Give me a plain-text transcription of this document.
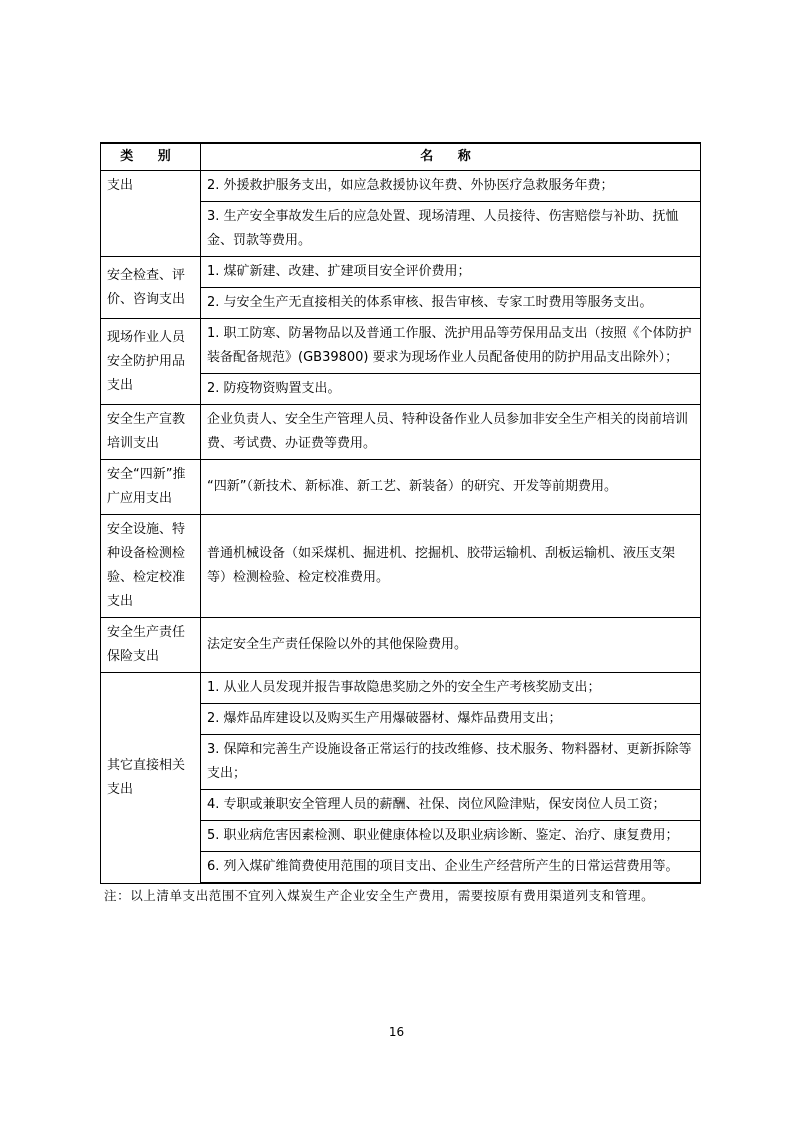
类 别	名 称
支出	2. 外援救护服务支出，如应急救援协议年费、外协医疗急救服务年费；
	3. 生产安全事故发生后的应急处置、现场清理、人员接待、伤害赔偿与补助、抚恤金、罚款等费用。
安全检查、评价、咨询支出	1. 煤矿新建、改建、扩建项目安全评价费用；
	2. 与安全生产无直接相关的体系审核、报告审核、专家工时费用等服务支出。
现场作业人员安全防护用品支出	1. 职工防寒、防暑物品以及普通工作服、洗护用品等劳保用品支出（按照《个体防护装备配备规范》(GB39800) 要求为现场作业人员配备使用的防护用品支出除外）；
	2. 防疫物资购置支出。
安全生产宣教培训支出	企业负责人、安全生产管理人员、特种设备作业人员参加非安全生产相关的岗前培训费、考试费、办证费等费用。
安全“四新”推广应用支出	“四新”（新技术、新标准、新工艺、新装备）的研究、开发等前期费用。
安全设施、特种设备检测检验、检定校准支出	普通机械设备（如采煤机、掘进机、挖掘机、胶带运输机、刮板运输机、液压支架等）检测检验、检定校准费用。
安全生产责任保险支出	法定安全生产责任保险以外的其他保险费用。
其它直接相关支出	1. 从业人员发现并报告事故隐患奖励之外的安全生产考核奖励支出；
	2. 爆炸品库建设以及购买生产用爆破器材、爆炸品费用支出；
	3. 保障和完善生产设施设备正常运行的技改维修、技术服务、物料器材、更新拆除等支出；
	4. 专职或兼职安全管理人员的薪酬、社保、岗位风险津贴，保安岗位人员工资；
	5. 职业病危害因素检测、职业健康体检以及职业病诊断、鉴定、治疗、康复费用；
	6. 列入煤矿维简费使用范围的项目支出、企业生产经营所产生的日常运营费用等。
注：以上清单支出范围不宜列入煤炭生产企业安全生产费用，需要按原有费用渠道列支和管理。
16
